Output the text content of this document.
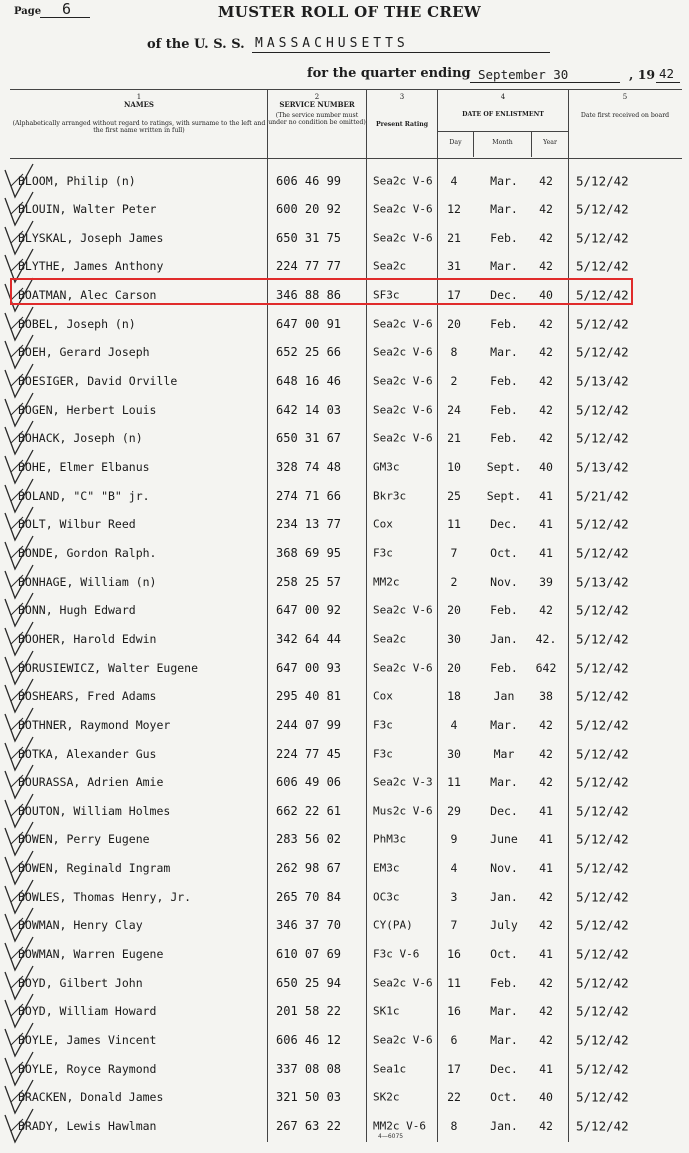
Page 6	MUSTER ROLL OF THE CREW
of the U. S. S. MASSACHUSETTS
for the quarter ending September 30	, 19 42
1
NAMES
(Alphabetically arranged without regard to ratings, with surname to the left and the first name written in full)
2
SERVICE NUMBER
(The service number must under no condition be omitted)
3
Present Rating
4
DATE OF ENLISTMENT
Day	Month	Year
5
Date first received on board
BLOOM, Philip (n)	606 46 99	Sea2c V-6	4	Mar.	42	5/12/42
BLOUIN, Walter Peter	600 20 92	Sea2c V-6	12	Mar.	42	5/12/42
BLYSKAL, Joseph James	650 31 75	Sea2c V-6	21	Feb.	42	5/12/42
BLYTHE, James Anthony	224 77 77	Sea2c	31	Mar.	42	5/12/42
BOATMAN, Alec Carson	346 88 86	SF3c	17	Dec.	40	5/12/42
BOBEL, Joseph (n)	647 00 91	Sea2c V-6	20	Feb.	42	5/12/42
BOEH, Gerard Joseph	652 25 66	Sea2c V-6	8	Mar.	42	5/12/42
BOESIGER, David Orville	648 16 46	Sea2c V-6	2	Feb.	42	5/13/42
BOGEN, Herbert Louis	642 14 03	Sea2c V-6	24	Feb.	42	5/12/42
BOHACK, Joseph (n)	650 31 67	Sea2c V-6	21	Feb.	42	5/12/42
BOHE, Elmer Elbanus	328 74 48	GM3c	10	Sept.	40	5/13/42
BOLAND, "C" "B" jr.	274 71 66	Bkr3c	25	Sept.	41	5/21/42
BOLT, Wilbur Reed	234 13 77	Cox	11	Dec.	41	5/12/42
BONDE, Gordon Ralph.	368 69 95	F3c	7	Oct.	41	5/12/42
BONHAGE, William (n)	258 25 57	MM2c	2	Nov.	39	5/13/42
BONN, Hugh Edward	647 00 92	Sea2c V-6	20	Feb.	42	5/12/42
BOOHER, Harold Edwin	342 64 44	Sea2c	30	Jan.	42. 5/12/42
BORUSIEWICZ, Walter Eugene	647 00 93	Sea2c V-6	20	Feb.	642 5/12/42
BOSHEARS, Fred Adams	295 40 81	Cox	18	Jan	38	5/12/42
BOTHNER, Raymond Moyer	244 07 99	F3c	4	Mar.	42	5/12/42
BOTKA, Alexander Gus	224 77 45	F3c	30	Mar	42	5/12/42
BOURASSA, Adrien Amie	606 49 06	Sea2c V-3	11	Mar.	42	5/12/42
BOUTON, William Holmes	662 22 61	Mus2c V-6	29	Dec.	41	5/12/42
BOWEN, Perry Eugene	283 56 02	PhM3c	9	June	41	5/12/42
BOWEN, Reginald Ingram	262 98 67	EM3c	4	Nov.	41	5/12/42
BOWLES, Thomas Henry, Jr.	265 70 84	OC3c	3	Jan.	42	5/12/42
BOWMAN, Henry Clay	346 37 70	CY(PA)	7	July	42	5/12/42
BOWMAN, Warren Eugene	610 07 69	F3c V-6	16	Oct.	41	5/12/42
BOYD, Gilbert John	650 25 94	Sea2c V-6	11	Feb.	42	5/12/42
BOYD, William Howard	201 58 22	SK1c	16	Mar.	42	5/12/42
BOYLE, James Vincent	606 46 12	Sea2c V-6	6	Mar.	42	5/12/42
BOYLE, Royce Raymond	337 08 08	Sea1c	17	Dec.	41	5/12/42
BRACKEN, Donald James	321 50 03	SK2c	22	Oct.	40	5/12/42
BRADY, Lewis Hawlman	267 63 22	MM2c V-6	8	Jan.	42	5/12/42
4—6075
